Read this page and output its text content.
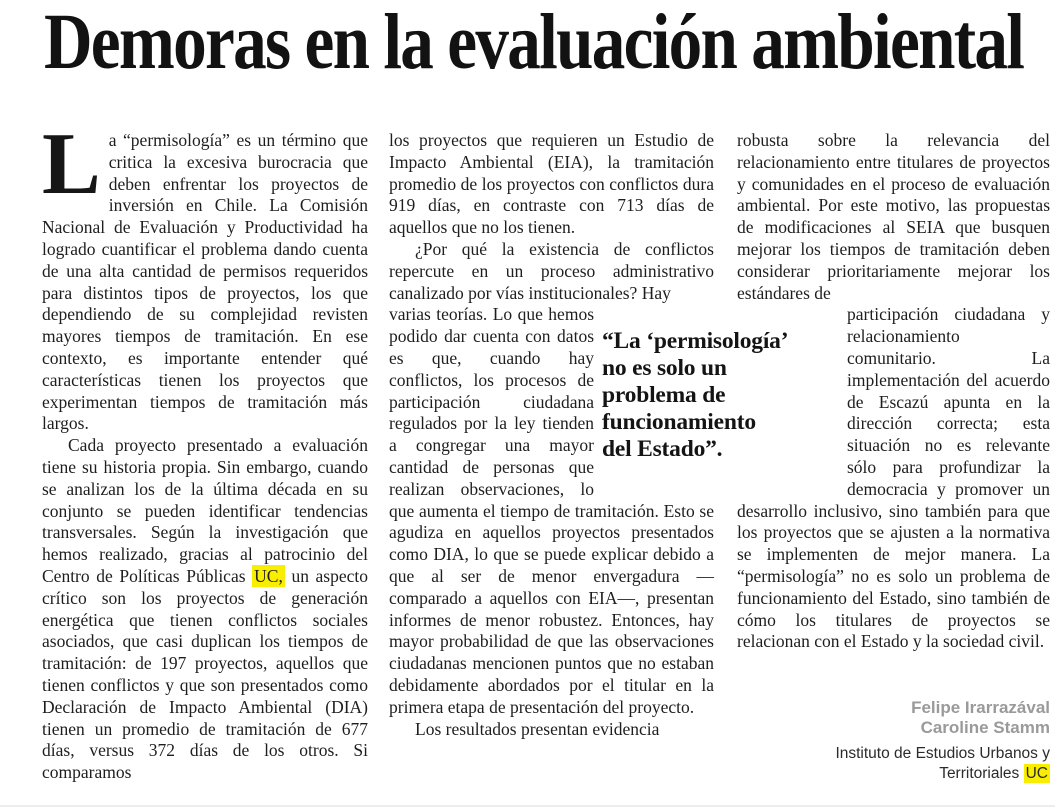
Demoras en la evaluación ambiental

La “permisología” es un término que critica la excesiva burocracia que deben enfrentar los proyectos de inversión en Chile. La Comisión Nacional de Evaluación y Productividad ha logrado cuantificar el problema dando cuenta de una alta cantidad de permisos requeridos para distintos tipos de proyectos, los que dependiendo de su complejidad revisten mayores tiempos de tramitación. En ese contexto, es importante entender qué características tienen los proyectos que experimentan tiempos de tramitación más largos.

Cada proyecto presentado a evaluación tiene su historia propia. Sin embargo, cuando se analizan los de la última década en su conjunto se pueden identificar tendencias transversales. Según la investigación que hemos realizado, gracias al patrocinio del Centro de Políticas Públicas UC, un aspecto crítico son los proyectos de generación energética que tienen conflictos sociales asociados, que casi duplican los tiempos de tramitación: de 197 proyectos, aquellos que tienen conflictos y que son presentados como Declaración de Impacto Ambiental (DIA) tienen un promedio de tramitación de 677 días, versus 372 días de los otros. Si comparamos

los proyectos que requieren un Estudio de Impacto Ambiental (EIA), la tramitación promedio de los proyectos con conflictos dura 919 días, en contraste con 713 días de aquellos que no los tienen.

¿Por qué la existencia de conflictos repercute en un proceso administrativo canalizado por vías institucionales? Hay

varias teorías. Lo que hemos podido dar cuenta con datos es que, cuando hay conflictos, los procesos de participación ciudadana regulados por la ley tienden a congregar una mayor cantidad de personas que realizan observaciones, lo que aumenta el tiempo de tramitación. Esto se agudiza en aquellos proyectos presentados como DIA, lo que se puede explicar debido a que al ser de menor envergadura —comparado a aquellos con EIA—, presentan informes de menor robustez. Entonces, hay mayor probabilidad de que las observaciones ciudadanas mencionen puntos que no estaban debidamente abordados por el titular en la primera etapa de presentación del proyecto.

Los resultados presentan evidencia

robusta sobre la relevancia del relacionamiento entre titulares de proyectos y comunidades en el proceso de evaluación ambiental. Por este motivo, las propuestas de modificaciones al SEIA que busquen mejorar los tiempos de tramitación deben considerar prioritariamente mejorar los estándares de

participación ciudadana y relacionamiento comunitario. La implementación del acuerdo de Escazú apunta en la dirección correcta; esta situación no es relevante sólo para profundizar la democracia y promover un desarrollo inclusivo, sino también para que los proyectos que se ajusten a la normativa se implementen de mejor manera. La “permisología” no es solo un problema de funcionamiento del Estado, sino también de cómo los titulares de proyectos se relacionan con el Estado y la sociedad civil.
“La ‘permisología’
no es solo un
problema de
funcionamiento
del Estado”.
Felipe Irarrazával
Caroline Stamm
Instituto de Estudios Urbanos y Territoriales UC
